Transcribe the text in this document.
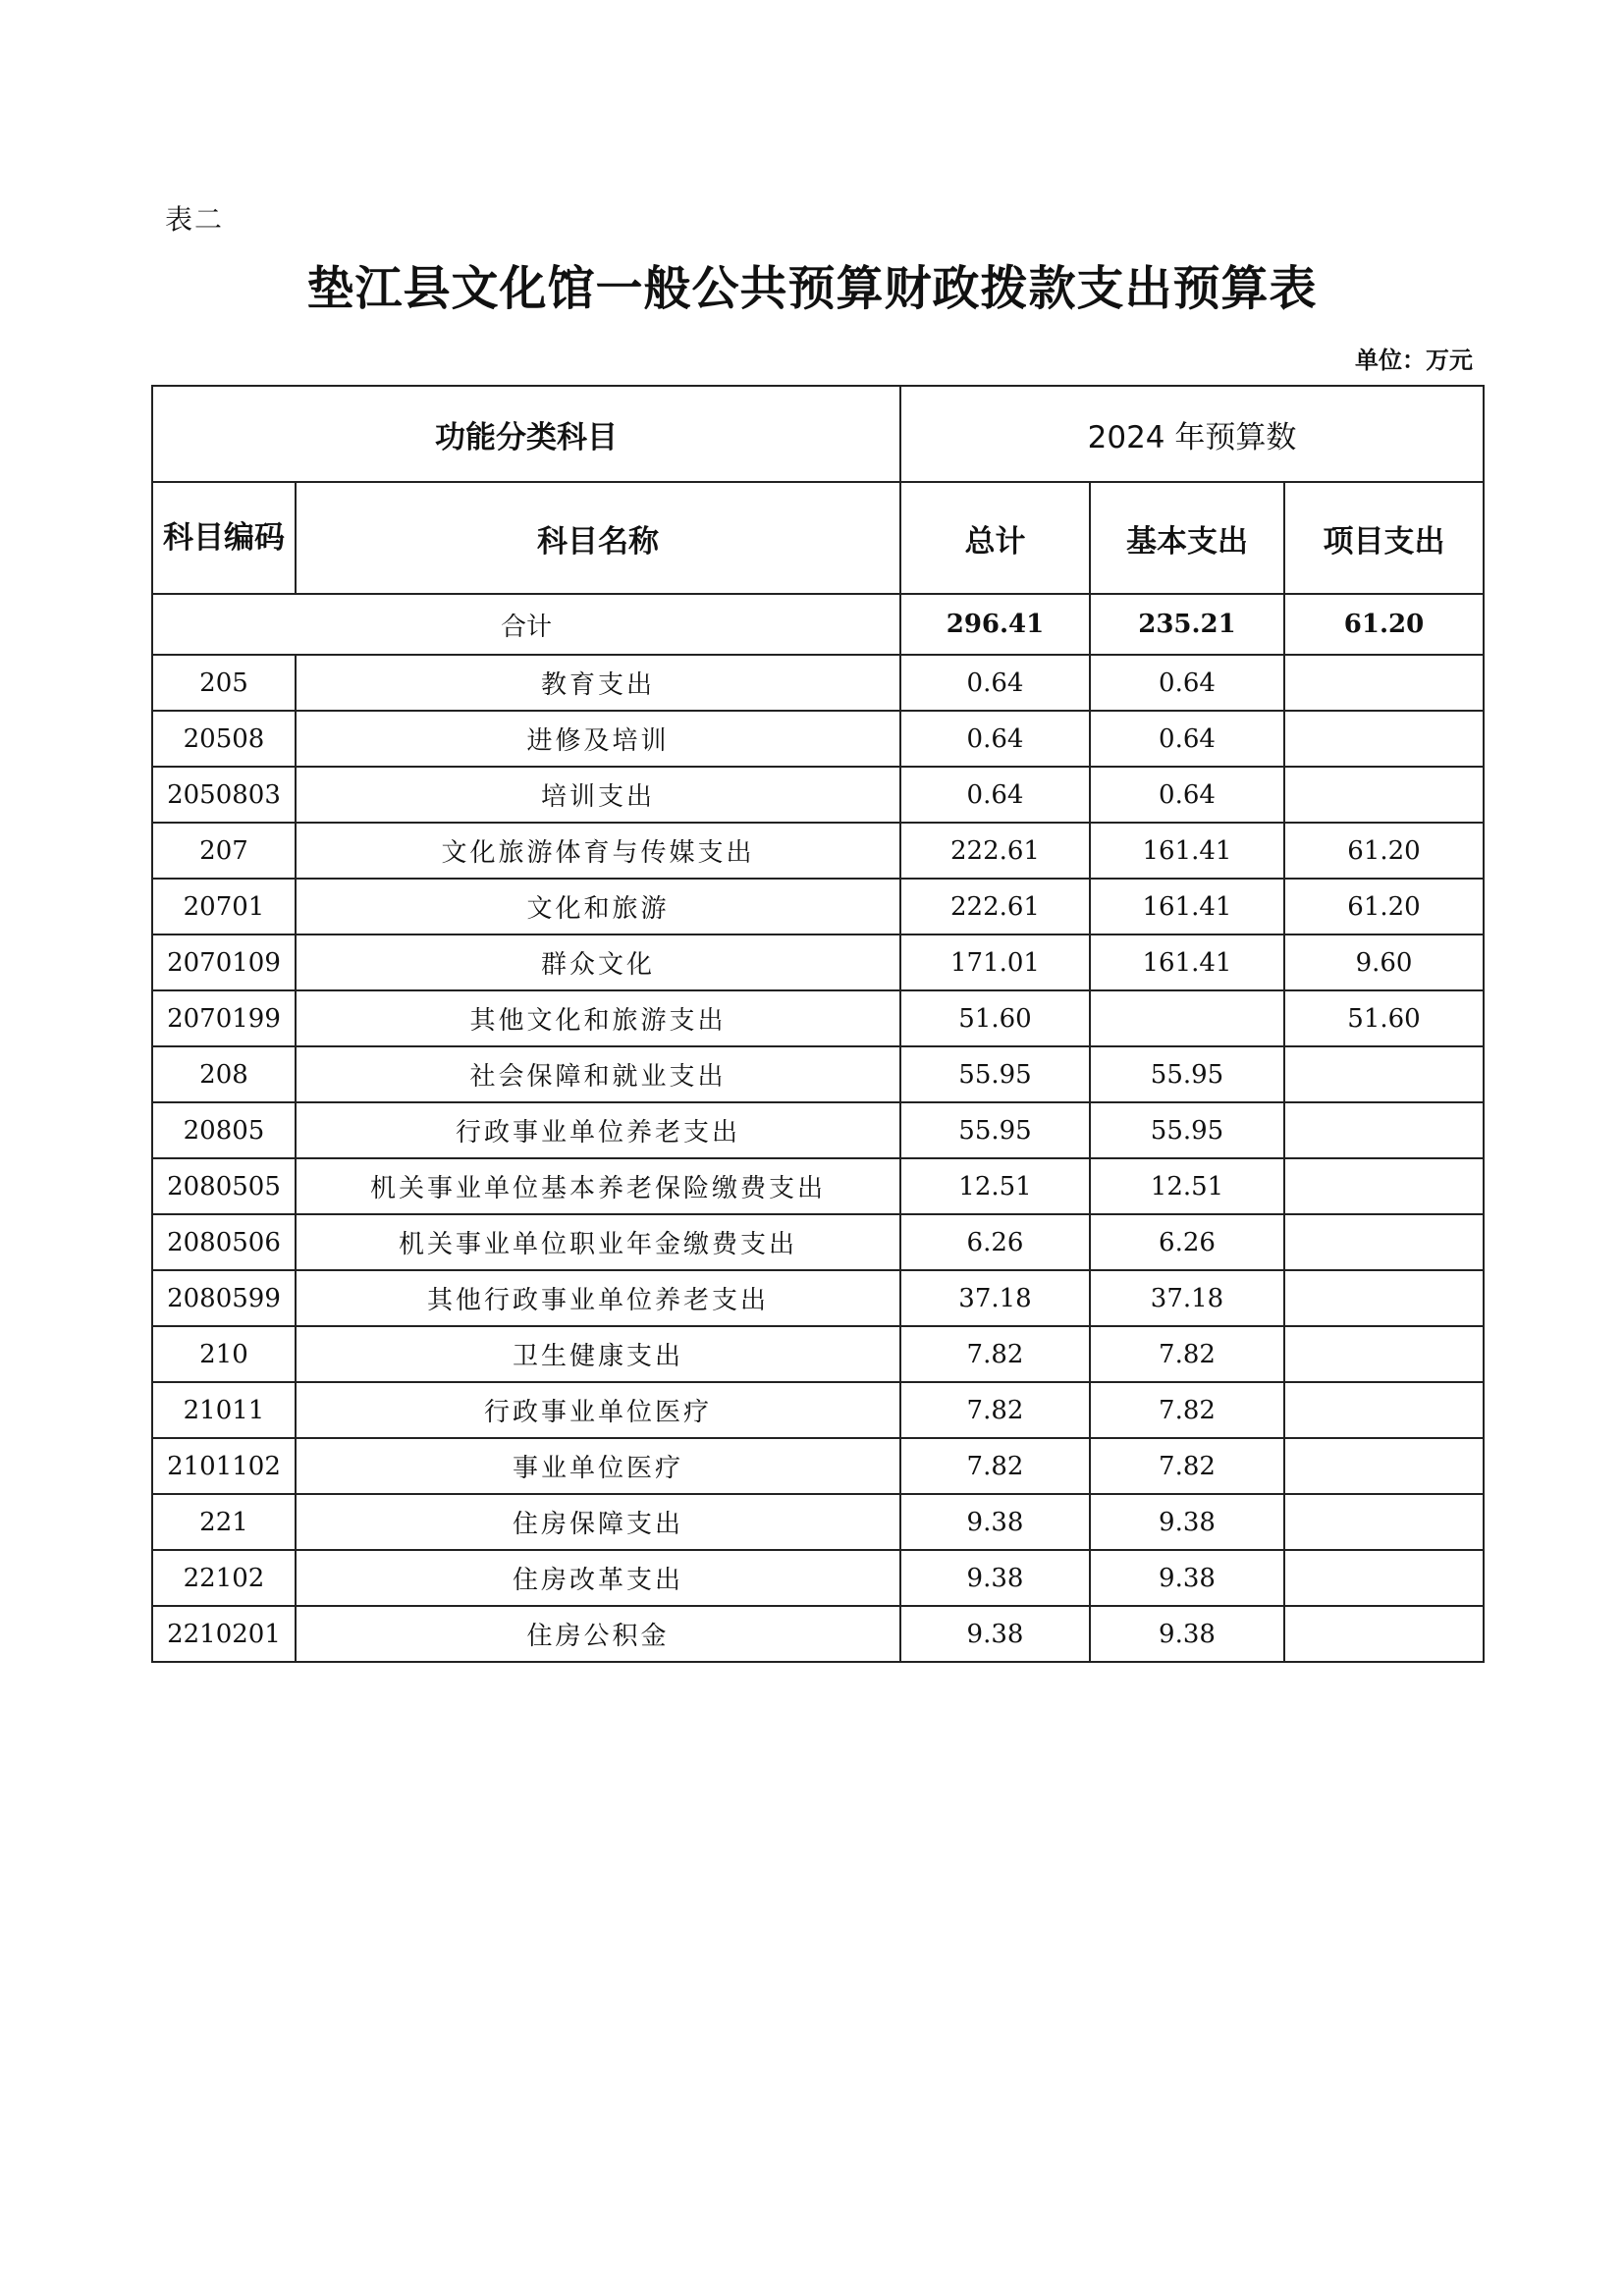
表二
垫江县文化馆一般公共预算财政拨款支出预算表
单位：万元
功能分类科目		2024 年预算数		
科目编码	科目名称	总计	基本支出	项目支出
合计		296.41	235.21	61.20
205	教育支出	0.64	0.64	
20508	进修及培训	0.64	0.64	
2050803	培训支出	0.64	0.64	
207	文化旅游体育与传媒支出	222.61	161.41	61.20
20701	文化和旅游	222.61	161.41	61.20
2070109	群众文化	171.01	161.41	9.60
2070199	其他文化和旅游支出	51.60		51.60
208	社会保障和就业支出	55.95	55.95	
20805	行政事业单位养老支出	55.95	55.95	
2080505	机关事业单位基本养老保险缴费支出	12.51	12.51	
2080506	机关事业单位职业年金缴费支出	6.26	6.26	
2080599	其他行政事业单位养老支出	37.18	37.18	
210	卫生健康支出	7.82	7.82	
21011	行政事业单位医疗	7.82	7.82	
2101102	事业单位医疗	7.82	7.82	
221	住房保障支出	9.38	9.38	
22102	住房改革支出	9.38	9.38	
2210201	住房公积金	9.38	9.38	
